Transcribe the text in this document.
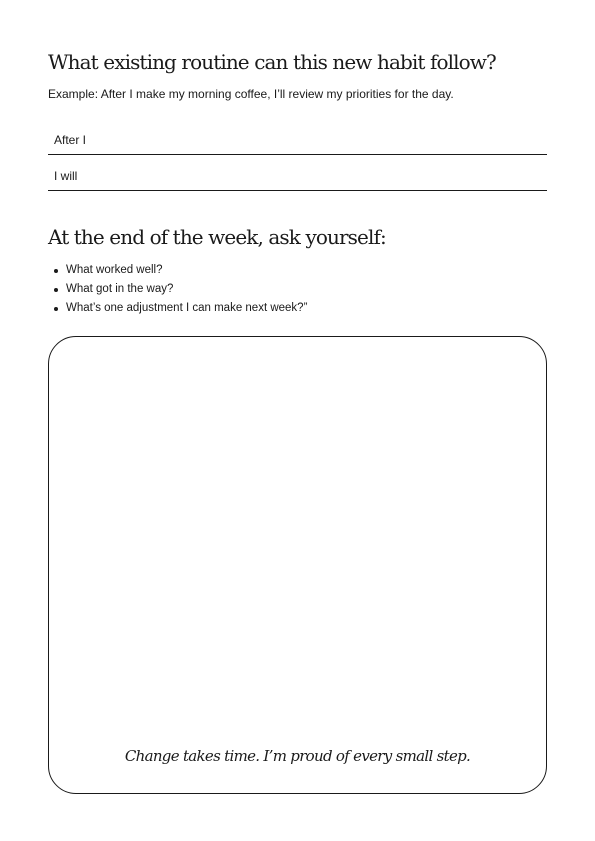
What existing routine can this new habit follow?

Example: After I make my morning coffee, I’ll review my priorities for the day.

After I
I will
At the end of the week, ask yourself:
What worked well?
What got in the way?
What’s one adjustment I can make next week?”

Change takes time. I’m proud of every small step.
